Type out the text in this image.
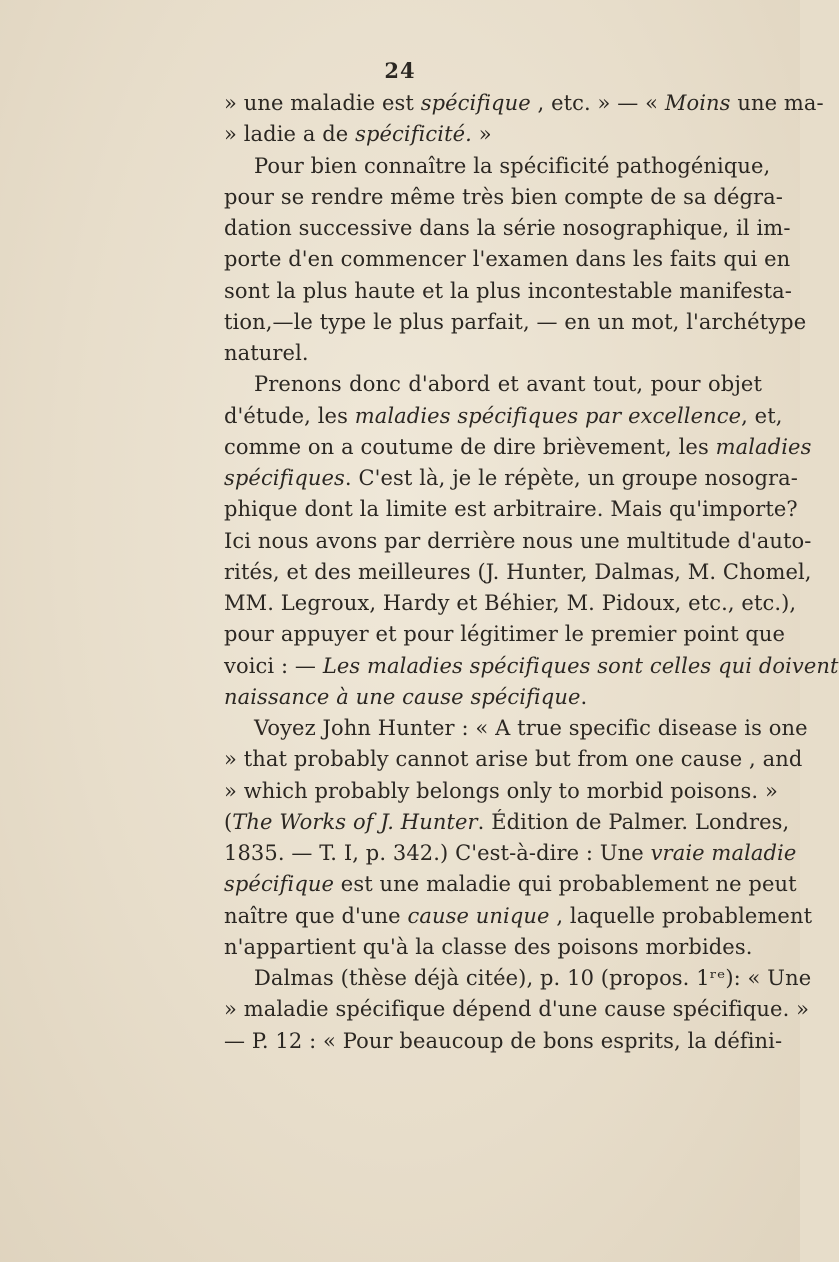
24
» une maladie est spécifique , etc. » — « Moins une ma-
» ladie a de spécificité. »
Pour bien connaître la spécificité pathogénique,
pour se rendre même très bien compte de sa dégra-
dation successive dans la série nosographique, il im-
porte d'en commencer l'examen dans les faits qui en
sont la plus haute et la plus incontestable manifesta-
tion,—le type le plus parfait, — en un mot, l'archétype
naturel.
Prenons donc d'abord et avant tout, pour objet
d'étude, les maladies spécifiques par excellence, et,
comme on a coutume de dire brièvement, les maladies
spécifiques. C'est là, je le répète, un groupe nosogra-
phique dont la limite est arbitraire. Mais qu'importe?
Ici nous avons par derrière nous une multitude d'auto-
rités, et des meilleures (J. Hunter, Dalmas, M. Chomel,
MM. Legroux, Hardy et Béhier, M. Pidoux, etc., etc.),
pour appuyer et pour légitimer le premier point que
voici : — Les maladies spécifiques sont celles qui doivent
naissance à une cause spécifique.
Voyez John Hunter : « A true specific disease is one
» that probably cannot arise but from one cause , and
» which probably belongs only to morbid poisons. »
(The Works of J. Hunter. Édition de Palmer. Londres,
1835. — T. I, p. 342.) C'est-à-dire : Une vraie maladie
spécifique est une maladie qui probablement ne peut
naître que d'une cause unique , laquelle probablement
n'appartient qu'à la classe des poisons morbides.
Dalmas (thèse déjà citée), p. 10 (propos. 1ʳᵉ): « Une
» maladie spécifique dépend d'une cause spécifique. »
— P. 12 : « Pour beaucoup de bons esprits, la défini-
